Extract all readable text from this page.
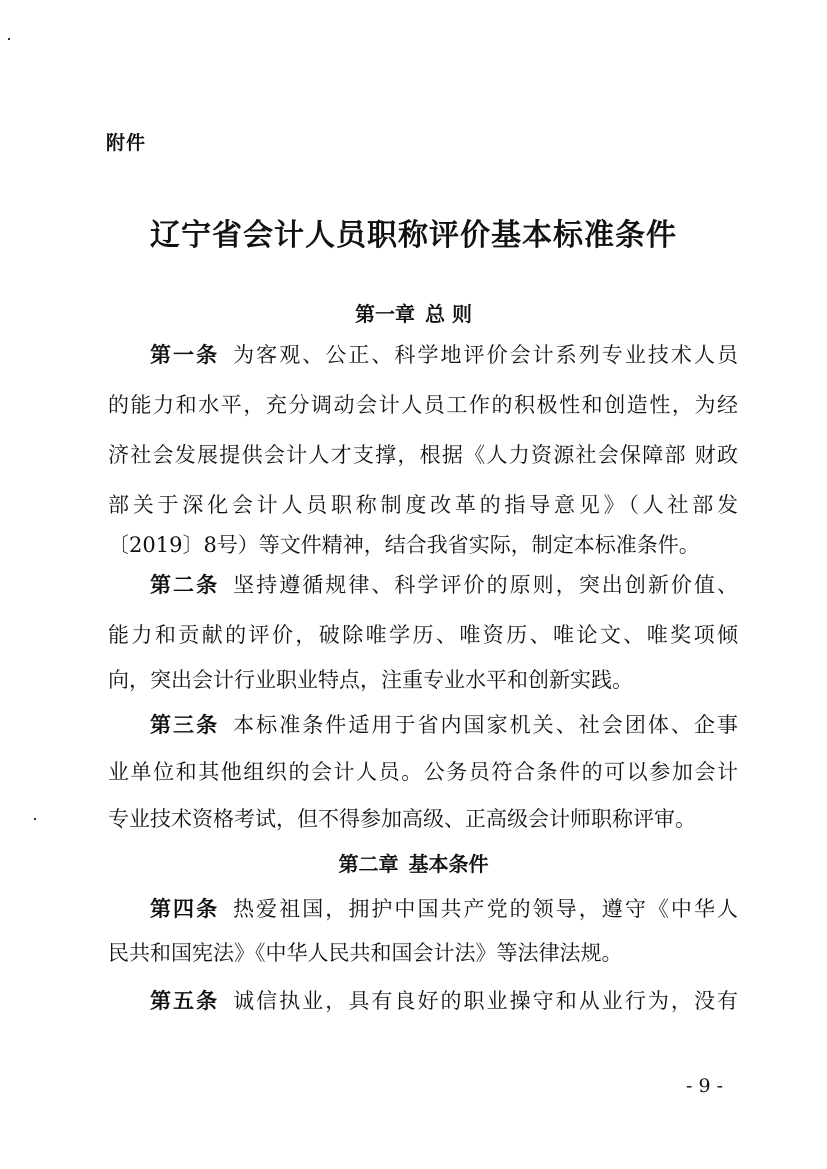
附件
辽宁省会计人员职称评价基本标准条件
第一章 总 则
第一条 为客观、公正、科学地评价会计系列专业技术人员
的能力和水平，充分调动会计人员工作的积极性和创造性，为经
济社会发展提供会计人才支撑，根据《人力资源社会保障部 财政
部关于深化会计人员职称制度改革的指导意见》（人社部发
〔2019〕8号）等文件精神，结合我省实际，制定本标准条件。
第二条 坚持遵循规律、科学评价的原则，突出创新价值、
能力和贡献的评价，破除唯学历、唯资历、唯论文、唯奖项倾
向，突出会计行业职业特点，注重专业水平和创新实践。
第三条 本标准条件适用于省内国家机关、社会团体、企事
业单位和其他组织的会计人员。公务员符合条件的可以参加会计
专业技术资格考试，但不得参加高级、正高级会计师职称评审。
第二章 基本条件
第四条 热爱祖国，拥护中国共产党的领导，遵守《中华人
民共和国宪法》《中华人民共和国会计法》等法律法规。
第五条 诚信执业，具有良好的职业操守和从业行为，没有
- 9 -
